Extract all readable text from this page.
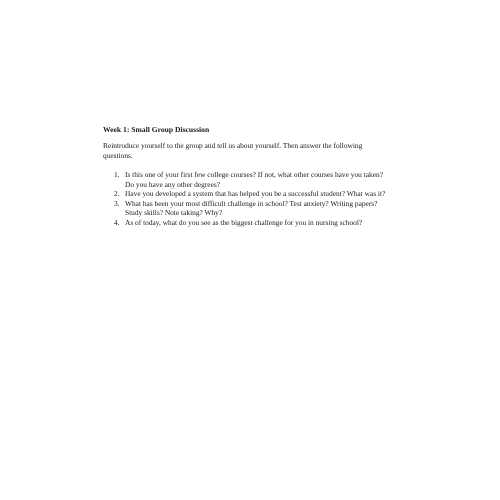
Week 1: Small Group Discussion
Reintroduce yourself to the group and tell us about yourself. Then answer the following
questions.
1. Is this one of your first few college courses? If not, what other courses have you taken?
Do you have any other degrees?
2. Have you developed a system that has helped you be a successful student? What was it?
3. What has been your most difficult challenge in school? Test anxiety? Writing papers?
Study skills? Note taking? Why?
4. As of today, what do you see as the biggest challenge for you in nursing school?
